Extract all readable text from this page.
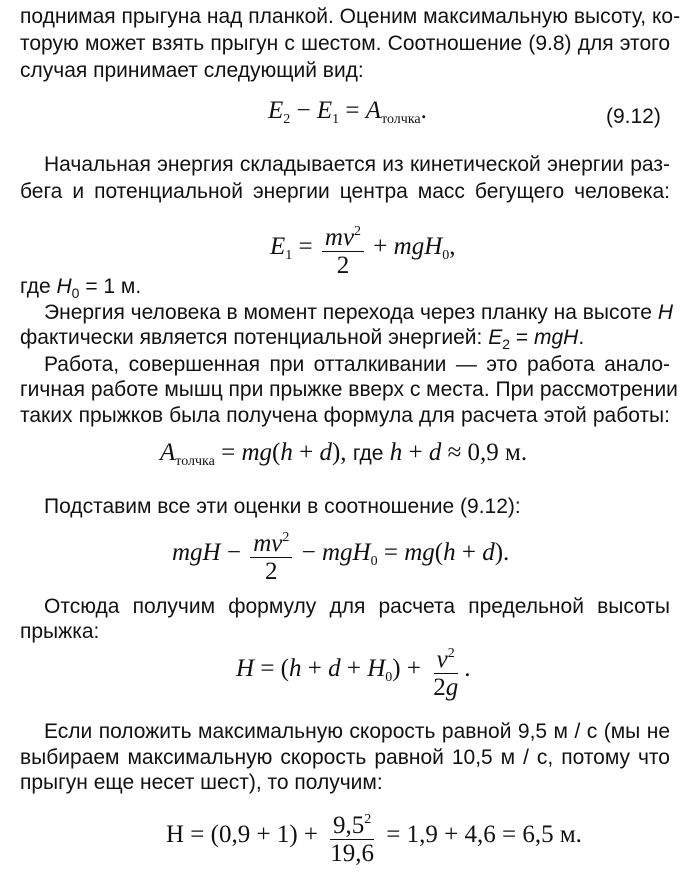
поднимая прыгуна над планкой. Оценим максимальную высоту, ко-
торую может взять прыгун с шестом. Соотношение (9.8) для этого
случая принимает следующий вид:
$E_2 - E_1 = A_{толчка}$.	(9.12)
Начальная энергия складывается из кинетической энергии раз-
бега и потенциальной энергии центра масс бегущего человека:
$E_1 = \frac{mv^2}{2} + mgH_0$,
где $H_0 = 1$ м.
Энергия человека в момент перехода через планку на высоте H
фактически является потенциальной энергией: $E_2$ = mgH.
Работа, совершенная при отталкивании — это работа аналo-
гичная работе мышц при прыжке вверх с места. При рассмотрении
таких прыжков была получена формула для расчета этой работы:
$A_{толчка} = mg(h + d)$, где h + d ≈ 0,9 м.
Подставим все эти оценки в соотношение (9.12):
mgH − $\frac{mv^2}{2} - mgH_0 = mg(h + d)$.
Отсюда получим формулу для расчета предельной высоты
прыжка:
$H = (h + d + H_0) + \frac{v^2}{2g}$ .
Если положить максимальную скорость равной 9,5 м / с (мы не
выбираем максимальную скорость равной 10,5 м / с, потому что
прыгун еще несет шест), то получим:
$H = (0,9 + 1) + \frac{9,5^2}{19,6} = 1,9 + 4,6 = 6,5$ м.
